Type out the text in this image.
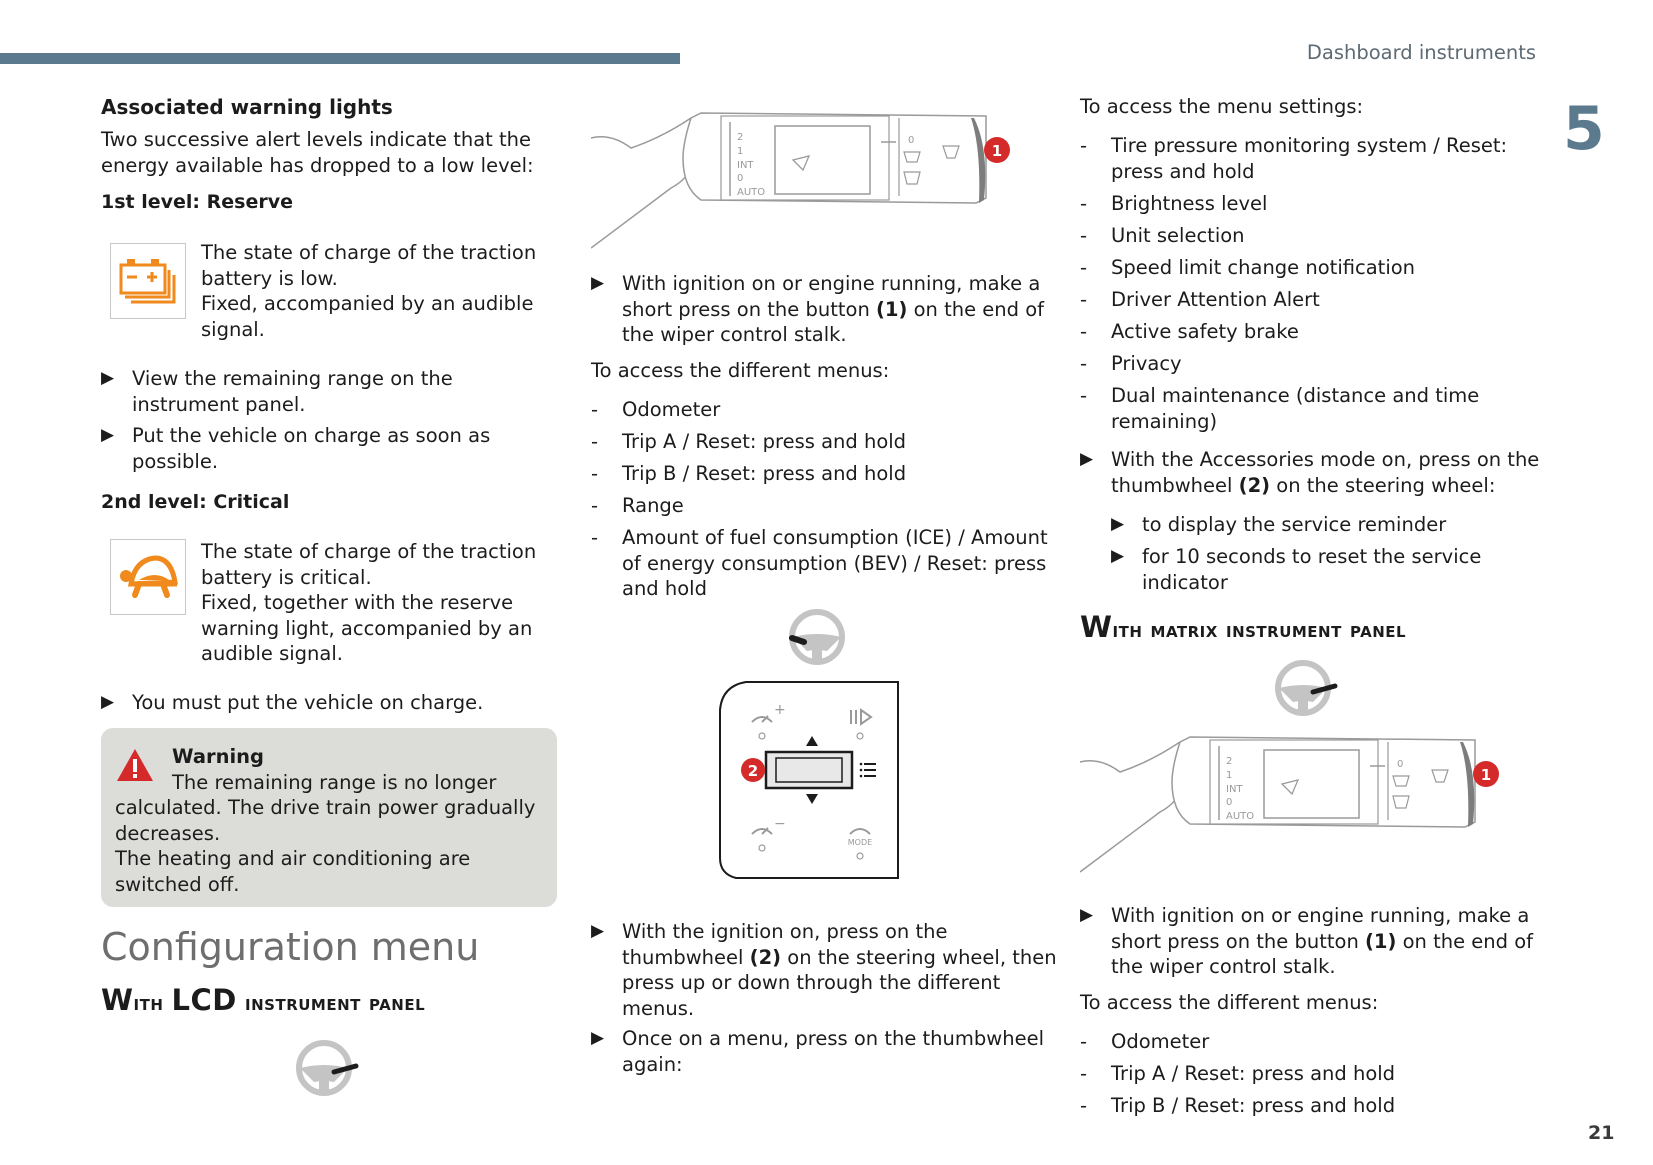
Dashboard instruments
5
21
Associated warning lights

Two successive alert levels indicate that the energy available has dropped to a low level:

1st level: Reserve

The state of charge of the traction battery is low.

Fixed, accompanied by an audible signal.

▶ View the remaining range on the instrument panel.
▶ Put the vehicle on charge as soon as possible.
2nd level: Critical

The state of charge of the traction battery is critical.

Fixed, together with the reserve warning light, accompanied by an audible signal.

▶ You must put the vehicle on charge.
Warning

The remaining range is no longer calculated. The drive train power gradually decreases.

The heating and air conditioning are switched off.

Configuration menu
With LCD instrument panel
2
1
INT
0
AUTO
0
1
▶ With ignition on or engine running, make a short press on the button (1) on the end of the wiper control stalk.

To access the different menus:

- Odometer
- Trip A / Reset: press and hold
- Trip B / Reset: press and hold
- Range
- Amount of fuel consumption (ICE) / Amount of energy consumption (BEV) / Reset: press and hold
+
2
−
MODE
▶ With the ignition on, press on the thumbwheel (2) on the steering wheel, then press up or down through the different menus.
▶ Once on a menu, press on the thumbwheel again:

To access the menu settings:

- Tire pressure monitoring system / Reset: press and hold
- Brightness level
- Unit selection
- Speed limit change notification
- Driver Attention Alert
- Active safety brake
- Privacy
- Dual maintenance (distance and time remaining)
▶ With the Accessories mode on, press on the thumbwheel (2) on the steering wheel:
▶ to display the service reminder
▶ for 10 seconds to reset the service indicator
With matrix instrument panel
2
1
INT
0
AUTO
0
1
▶ With ignition on or engine running, make a short press on the button (1) on the end of the wiper control stalk.

To access the different menus:

- Odometer
- Trip A / Reset: press and hold
- Trip B / Reset: press and hold
